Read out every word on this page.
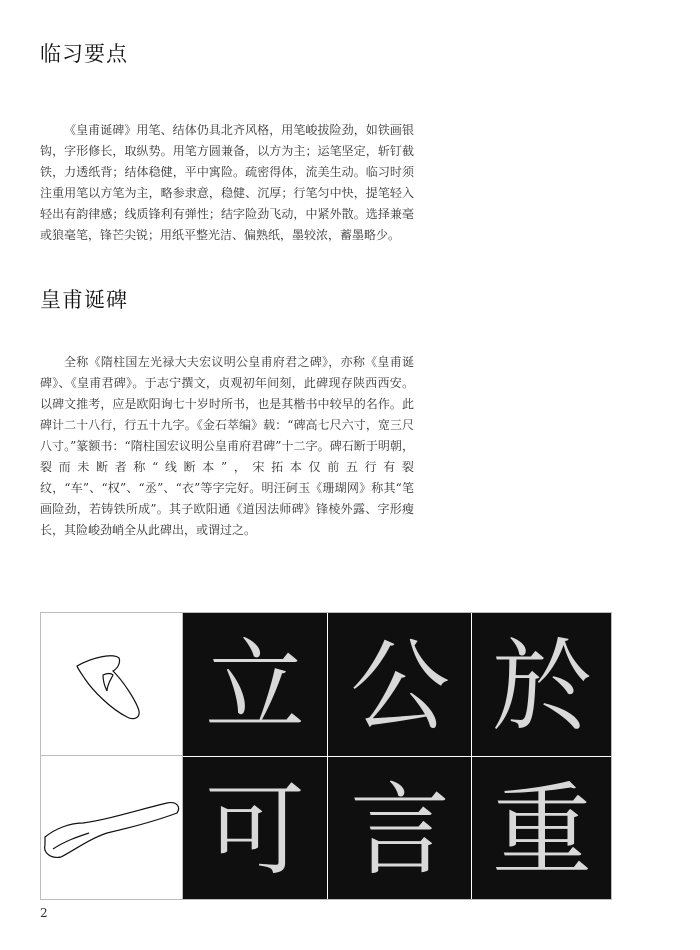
临习要点

《皇甫诞碑》用笔、结体仍具北齐风格，用笔峻拔险劲，如铁画银钩，字形修长，取纵势。用笔方圆兼备，以方为主；运笔坚定，斩钉截铁，力透纸背；结体稳健，平中寓险。疏密得体，流美生动。临习时须注重用笔以方笔为主，略参隶意，稳健、沉厚；行笔匀中快，提笔轻入轻出有韵律感；线质锋利有弹性；结字险劲飞动，中紧外散。选择兼毫或狼毫笔，锋芒尖锐；用纸平整光洁、偏熟纸，墨较浓，蓄墨略少。

皇甫诞碑

全称《隋柱国左光禄大夫宏议明公皇甫府君之碑》，亦称《皇甫诞碑》、《皇甫君碑》。于志宁撰文，贞观初年间刻，此碑现存陕西西安。以碑文推考，应是欧阳询七十岁时所书，也是其楷书中较早的名作。此碑计二十八行，行五十九字。《金石萃编》载：“碑高七尺六寸，宽三尺八寸。”篆额书：“隋柱国宏议明公皇甫府君碑”十二字。碑石断于明朝，裂而未断者称“线断本”，宋拓本仅前五行有裂纹，“车”、“权”、“丞”、“衣”等字完好。明汪砢玉《珊瑚网》称其“笔画险劲，若铸铁所成”。其子欧阳通《道因法师碑》锋棱外露、字形瘦长，其险峻劲峭全从此碑出，或谓过之。

立 公 於
可 言 重

2
